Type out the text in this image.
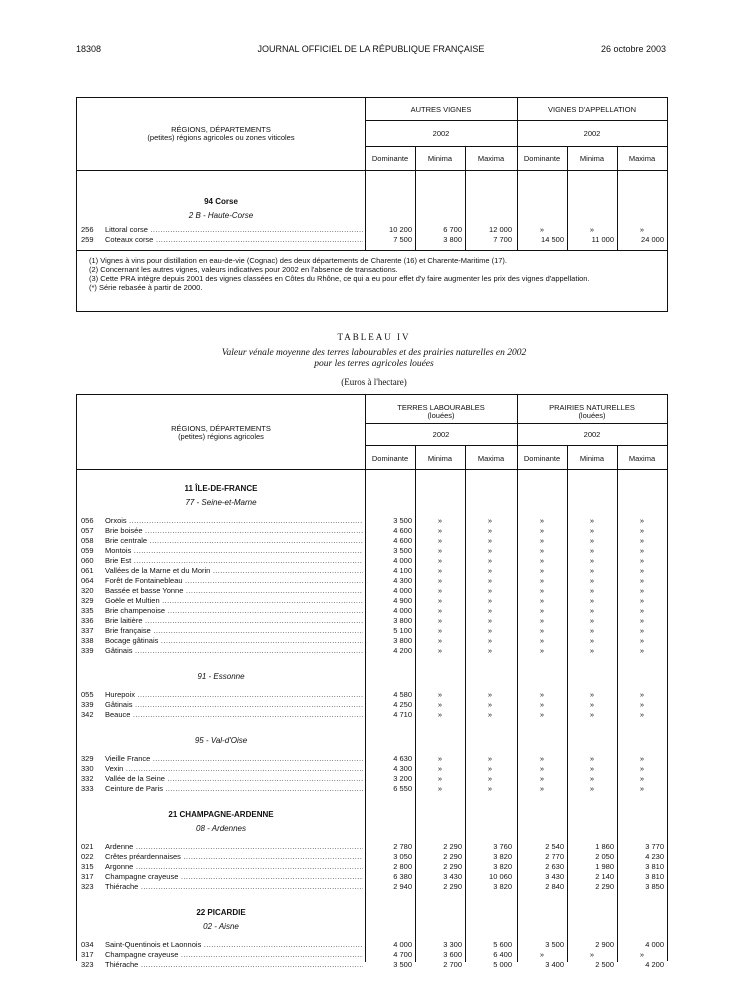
18308	JOURNAL OFFICIEL DE LA RÉPUBLIQUE FRANÇAISE	26 octobre 2003
RÉGIONS, DÉPARTEMENTS
(petites) régions agricoles ou zones viticoles
AUTRES VIGNES	VIGNES D'APPELLATION
2002	2002
Dominante	Minima	Maxima	Dominante	Minima	Maxima
94 Corse
2 B - Haute-Corse
256	Littoral corse .....	10 200	6 700	12 000	»	»	»
259	Coteaux corse .....	7 500	3 800	7 700	14 500	11 000	24 000
(1) Vignes à vins pour distillation en eau-de-vie (Cognac) des deux départements de Charente (16) et Charente-Maritime (17).
(2) Concernant les autres vignes, valeurs indicatives pour 2002 en l'absence de transactions.
(3) Cette PRA intègre depuis 2001 des vignes classées en Côtes du Rhône, ce qui a eu pour effet d'y faire augmenter les prix des vignes d'appellation.
(*) Série rebasée à partir de 2000.
TABLEAU IV
Valeur vénale moyenne des terres labourables et des prairies naturelles en 2002
pour les terres agricoles louées
(Euros à l'hectare)
RÉGIONS, DÉPARTEMENTS
(petites) régions agricoles
TERRES LABOURABLES
(louées)
PRAIRIES NATURELLES
(louées)
2002	2002
Dominante	Minima	Maxima	Dominante	Minima	Maxima
11 ÎLE-DE-FRANCE
77 - Seine-et-Marne
056	Orxois .....	3 500	»	»	»	»	»
057	Brie boisée .....	4 600	»	»	»	»	»
058	Brie centrale .....	4 600	»	»	»	»	»
059	Montois .....	3 500	»	»	»	»	»
060	Brie Est .....	4 000	»	»	»	»	»
061	Vallées de la Marne et du Morin .....	4 100	»	»	»	»	»
064	Forêt de Fontainebleau .....	4 300	»	»	»	»	»
320	Bassée et basse Yonne .....	4 000	»	»	»	»	»
329	Goële et Multien .....	4 900	»	»	»	»	»
335	Brie champenoise .....	4 000	»	»	»	»	»
336	Brie laitière .....	3 800	»	»	»	»	»
337	Brie française .....	5 100	»	»	»	»	»
338	Bocage gâtinais .....	3 800	»	»	»	»	»
339	Gâtinais .....	4 200	»	»	»	»	»
91 - Essonne
055	Hurepoix .....	4 580	»	»	»	»	»
339	Gâtinais .....	4 250	»	»	»	»	»
342	Beauce .....	4 710	»	»	»	»	»
95 - Val-d'Oise
329	Vieille France .....	4 630	»	»	»	»	»
330	Vexin .....	4 300	»	»	»	»	»
332	Vallée de la Seine .....	3 200	»	»	»	»	»
333	Ceinture de Paris .....	6 550	»	»	»	»	»
21 CHAMPAGNE-ARDENNE
08 - Ardennes
021	Ardenne .....	2 780	2 290	3 760	2 540	1 860	3 770
022	Crêtes préardennaises .....	3 050	2 290	3 820	2 770	2 050	4 230
315	Argonne .....	2 800	2 290	3 820	2 630	1 980	3 810
317	Champagne crayeuse .....	6 380	3 430	10 060	3 430	2 140	3 810
323	Thiérache .....	2 940	2 290	3 820	2 840	2 290	3 850
22 PICARDIE
02 - Aisne
034	Saint-Quentinois et Laonnois .....	4 000	3 300	5 600	3 500	2 900	4 000
317	Champagne crayeuse .....	4 700	3 600	6 400	»	»	»
323	Thiérache .....	3 500	2 700	5 000	3 400	2 500	4 200
